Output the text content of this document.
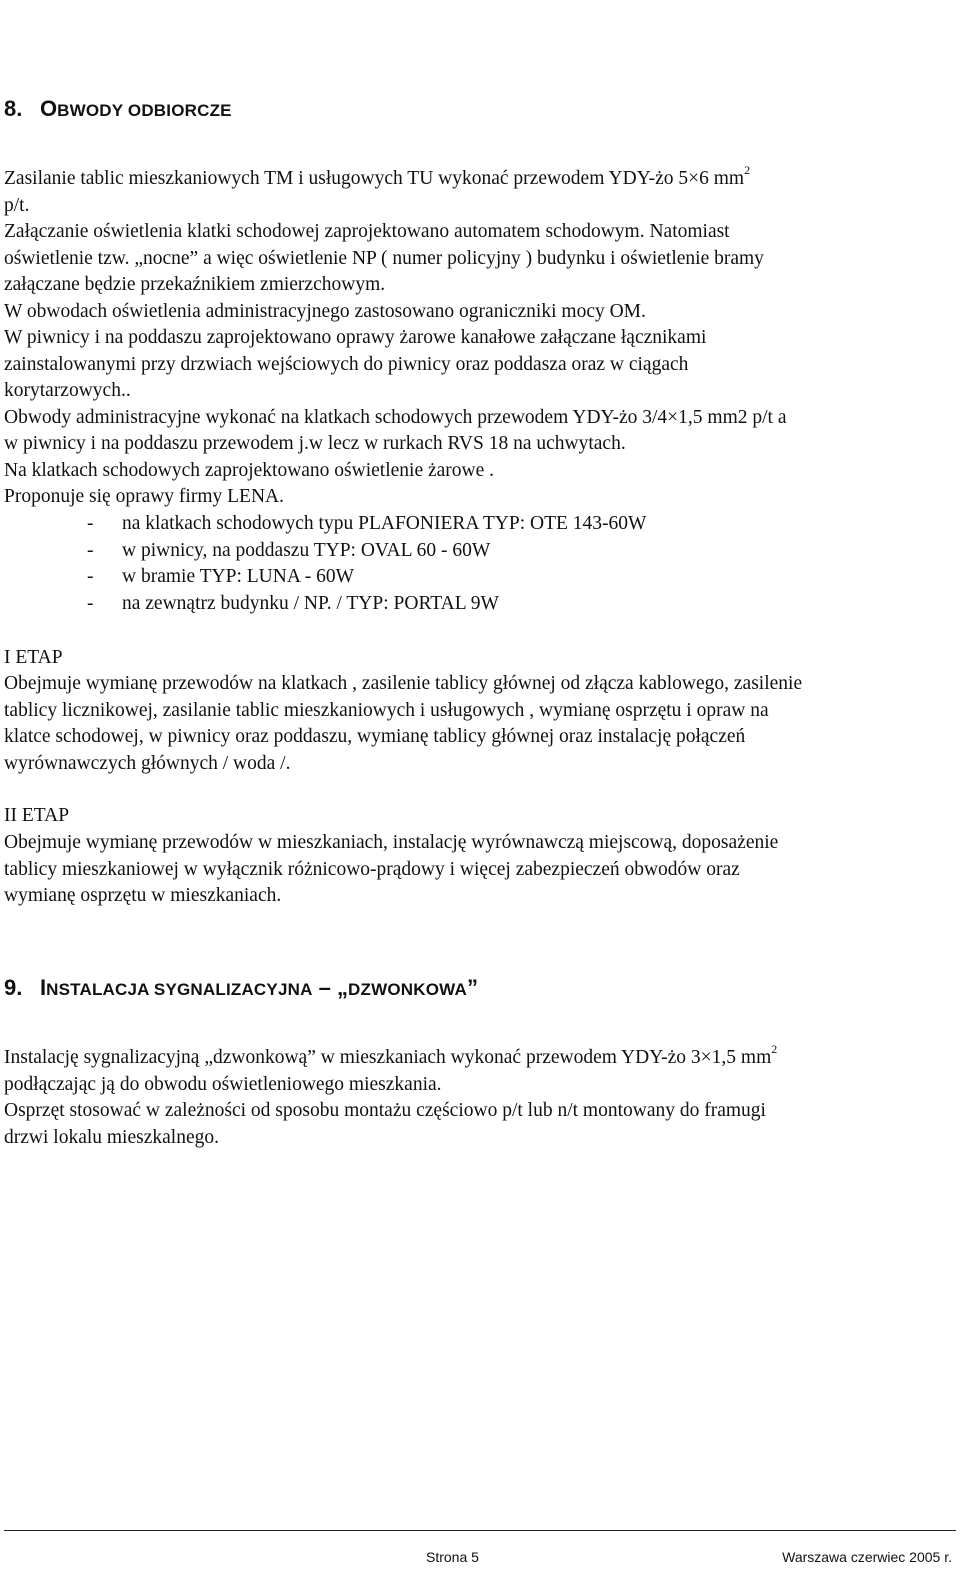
8. OBWODY ODBIORCZE

Zasilanie tablic mieszkaniowych TM i usługowych TU wykonać przewodem YDY-żo 5×6 $mm^2$

p/t.

Załączanie oświetlenia klatki schodowej zaprojektowano automatem schodowym. Natomiast

oświetlenie tzw. „nocne” a więc oświetlenie NP ( numer policyjny ) budynku i oświetlenie bramy

załączane będzie przekaźnikiem zmierzchowym.

W obwodach oświetlenia administracyjnego zastosowano ograniczniki mocy OM.

W piwnicy i na poddaszu zaprojektowano oprawy żarowe kanałowe załączane łącznikami

zainstalowanymi przy drzwiach wejściowych do piwnicy oraz poddasza oraz w ciągach

korytarzowych..

Obwody administracyjne wykonać na klatkach schodowych przewodem YDY-żo 3/4×1,5 mm2 p/t a

w piwnicy i na poddaszu przewodem j.w lecz w rurkach RVS 18 na uchwytach.

Na klatkach schodowych zaprojektowano oświetlenie żarowe .

Proponuje się oprawy firmy LENA.

- na klatkach schodowych typu PLAFONIERA TYP: OTE 143-60W
- w piwnicy, na poddaszu TYP: OVAL 60 - 60W
- w bramie TYP: LUNA - 60W
- na zewnątrz budynku / NP. / TYP: PORTAL 9W
I ETAP

Obejmuje wymianę przewodów na klatkach , zasilenie tablicy głównej od złącza kablowego, zasilenie

tablicy licznikowej, zasilanie tablic mieszkaniowych i usługowych , wymianę osprzętu i opraw na

klatce schodowej, w piwnicy oraz poddaszu, wymianę tablicy głównej oraz instalację połączeń

wyrównawczych głównych / woda /.

II ETAP

Obejmuje wymianę przewodów w mieszkaniach, instalację wyrównawczą miejscową, doposażenie

tablicy mieszkaniowej w wyłącznik różnicowo-prądowy i więcej zabezpieczeń obwodów oraz

wymianę osprzętu w mieszkaniach.

9. INSTALACJA SYGNALIZACYJNA – „DZWONKOWA”

Instalację sygnalizacyjną „dzwonkową” w mieszkaniach wykonać przewodem YDY-żo 3×1,5 $mm^2$

podłączając ją do obwodu oświetleniowego mieszkania.

Osprzęt stosować w zależności od sposobu montażu częściowo p/t lub n/t montowany do framugi

drzwi lokalu mieszkalnego.

Strona 5	Warszawa czerwiec 2005 r.
